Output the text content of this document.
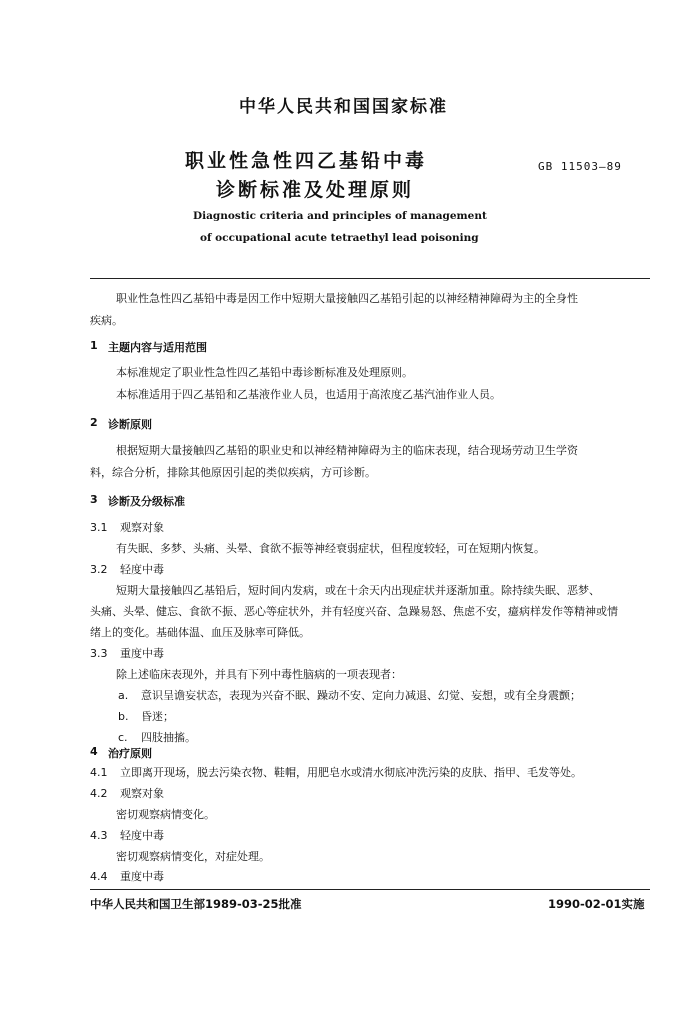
中华人民共和国国家标准
职业性急性四乙基铅中毒
诊断标准及处理原则
GB 11503—89
Diagnostic criteria and principles of management
of occupational acute tetraethyl lead poisoning
职业性急性四乙基铅中毒是因工作中短期大量接触四乙基铅引起的以神经精神障碍为主的全身性
疾病。
1 主题内容与适用范围
本标准规定了职业性急性四乙基铅中毒诊断标准及处理原则。
本标准适用于四乙基铅和乙基液作业人员，也适用于高浓度乙基汽油作业人员。
2 诊断原则
根据短期大量接触四乙基铅的职业史和以神经精神障碍为主的临床表现，结合现场劳动卫生学资
料，综合分析，排除其他原因引起的类似疾病，方可诊断。
3 诊断及分级标准
3.1 观察对象
有失眠、多梦、头痛、头晕、食欲不振等神经衰弱症状，但程度较轻，可在短期内恢复。
3.2 轻度中毒
短期大量接触四乙基铅后，短时间内发病，或在十余天内出现症状并逐渐加重。除持续失眠、恶梦、
头痛、头晕、健忘、食欲不振、恶心等症状外，并有轻度兴奋、急躁易怒、焦虑不安，癔病样发作等精神或情
绪上的变化。基础体温、血压及脉率可降低。
3.3 重度中毒
除上述临床表现外，并具有下列中毒性脑病的一项表现者：
a. 意识呈谵妄状态，表现为兴奋不眠、躁动不安、定向力减退、幻觉、妄想，或有全身震颤；
b. 昏迷；
c. 四肢抽搐。
4 治疗原则
4.1 立即离开现场，脱去污染衣物、鞋帽，用肥皂水或清水彻底冲洗污染的皮肤、指甲、毛发等处。
4.2 观察对象
密切观察病情变化。
4.3 轻度中毒
密切观察病情变化，对症处理。
中华人民共和国卫生部1989-03-25批准	1990-02-01实施
4.4 重度中毒
